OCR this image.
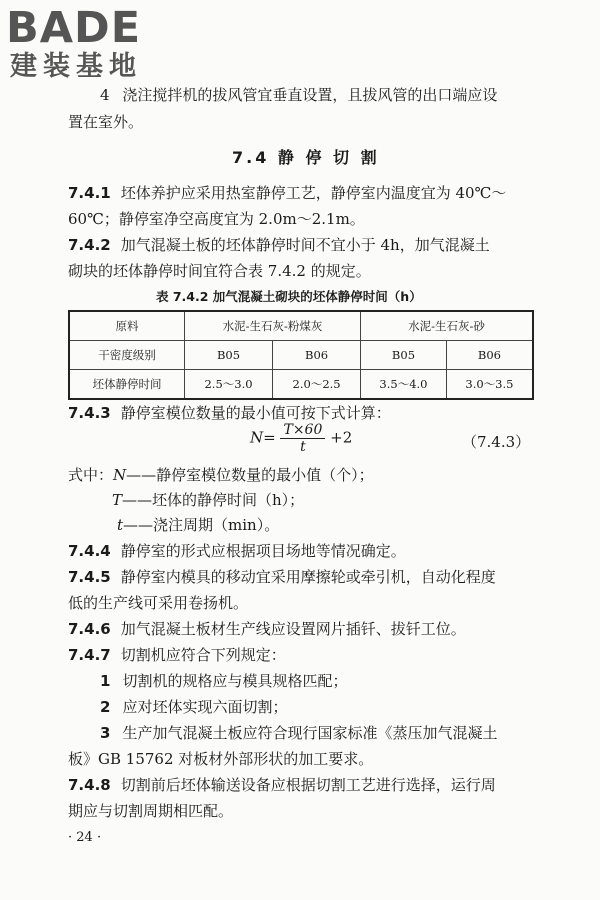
BADE
建装基地
4 浇注搅拌机的拔风管宜垂直设置，且拔风管的出口端应设
置在室外。
7.4 静 停 切 割
7.4.1 坯体养护应采用热室静停工艺，静停室内温度宜为 40℃～
60℃；静停室净空高度宜为 2.0m～2.1m。
7.4.2 加气混凝土板的坯体静停时间不宜小于 4h，加气混凝土
砌块的坯体静停时间宜符合表 7.4.2 的规定。
表 7.4.2 加气混凝土砌块的坯体静停时间（h）
原料	水泥-生石灰-粉煤灰		水泥-生石灰-砂	
干密度级别	B05	B06	B05	B06
坯体静停时间	2.5～3.0	2.0～2.5	3.5～4.0	3.0～3.5
7.4.3 静停室模位数量的最小值可按下式计算：
$N= \frac{T\times 60}{t} +2$	（7.4.3）
式中：N——静停室模位数量的最小值（个）；
T——坯体的静停时间（h）；
t——浇注周期（min）。
7.4.4 静停室的形式应根据项目场地等情况确定。
7.4.5 静停室内模具的移动宜采用摩擦轮或牵引机，自动化程度
低的生产线可采用卷扬机。
7.4.6 加气混凝土板材生产线应设置网片插钎、拔钎工位。
7.4.7 切割机应符合下列规定：
1 切割机的规格应与模具规格匹配；
2 应对坯体实现六面切割；
3 生产加气混凝土板应符合现行国家标准《蒸压加气混凝土
板》GB 15762 对板材外部形状的加工要求。
7.4.8 切割前后坯体输送设备应根据切割工艺进行选择，运行周
期应与切割周期相匹配。
· 24 ·
